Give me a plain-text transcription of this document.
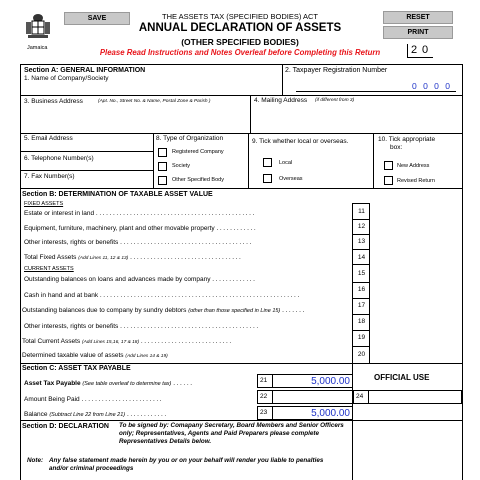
Jamaica
SAVE	RESET
PRINT
THE ASSETS TAX (SPECIFIED BODIES) ACT
ANNUAL DECLARATION OF ASSETS
(OTHER SPECIFIED BODIES)
Please Read Instructions and Notes Overleaf before Completing this Return	2 0
Section A: GENERAL INFORMATION
1. Name of Company/Society
2. Taxpayer Registration Number
0 0 0 0
3. Business Address	(Apt. No., Street No. & Name, Postal Zone & Parish )	4. Mailing Address (if different from 3)
5. Email Address
6. Telephone Number(s)
7. Fax Number(s)
8. Type of Organization
Registered Company
Society
Other Specified Body
9. Tick whether local or overseas.
Local
Overseas
10. Tick appropriate
box:
New Address
Revised Return
Section B: DETERMINATION OF TAXABLE ASSET VALUE
FIXED ASSETS
CURRENT ASSETS
Estate or interest in land ...............................................	11
Equipment, furniture, machinery, plant and other movable property ............	12
Other interests, rights or benefits .......................................	13
Total Fixed Assets (Add Lines 11, 12 & 13) .................................	14
Outstanding balances on loans and advances made by company .............
15
Cash in hand and at bank ...........................................................
16
Outstanding balances due to company by sundry debtors (other than those specified in Line 15) .......
17
Other interests, rights or benefits .........................................
18
Total Current Assets (Add Lines 15,16, 17 & 18) ...........................
19
Determined taxable value of assets (Add Lines 14 & 19)	20
Section C: ASSET TAX PAYABLE
OFFICIAL USE
Asset Tax Payable (See table overleaf to determine tax) ......	21	5,000.00
Amount Being Paid ........................	22	24
Balance (Subtract Line 22 from Line 21) ............	23	5,000.00
Section D: DECLARATION To be signed by: Comapany Secretary, Board Members and Senior Officers only; Representatives, Agents and Paid Preparers please complete Representatives Details below.
Note: Any false statement made herein by you or on your behalf will render you liable to penalties and/or criminal proceedings
